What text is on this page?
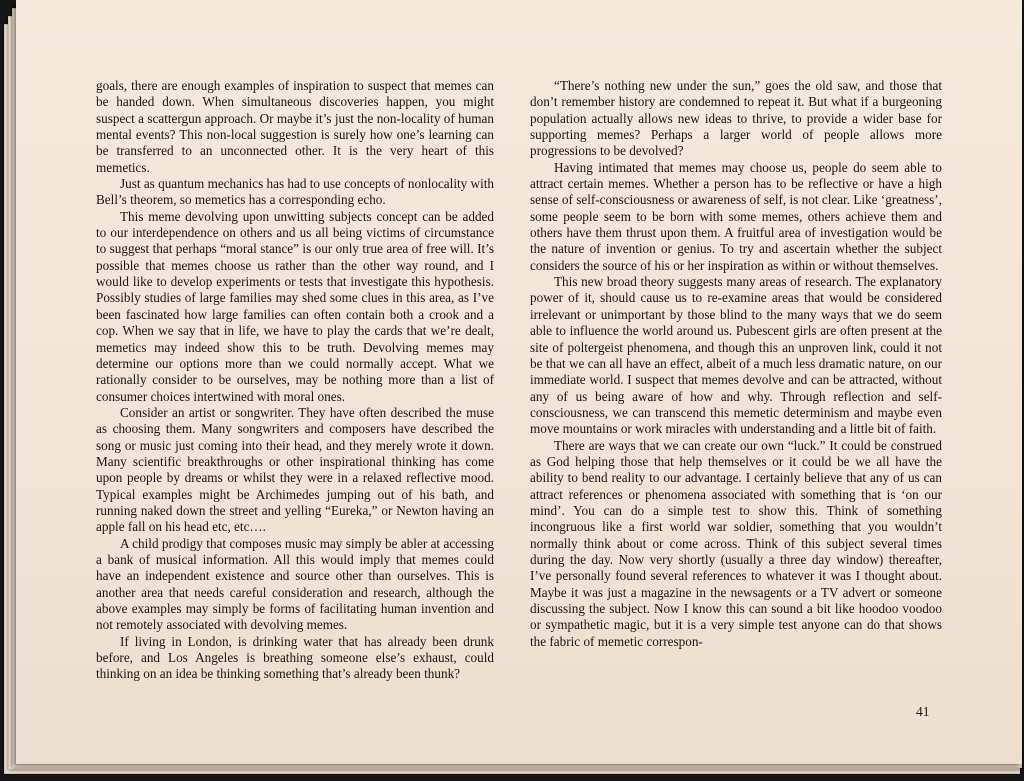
goals, there are enough examples of inspiration to suspect that memes can be handed down. When simultaneous discoveries happen, you might suspect a scattergun approach. Or maybe it’s just the non-locality of human mental events? This non-local suggestion is surely how one’s learning can be transferred to an unconnected other. It is the very heart of this memetics.

Just as quantum mechanics has had to use concepts of nonlocality with Bell’s theorem, so memetics has a corresponding echo.

This meme devolving upon unwitting subjects concept can be added to our interdependence on others and us all being victims of circumstance to suggest that perhaps “moral stance” is our only true area of free will. It’s possible that memes choose us rather than the other way round, and I would like to develop experiments or tests that investigate this hypothesis. Possibly studies of large families may shed some clues in this area, as I’ve been fascinated how large families can often contain both a crook and a cop. When we say that in life, we have to play the cards that we’re dealt, memetics may indeed show this to be truth. Devolving memes may determine our options more than we could normally accept. What we rationally consider to be ourselves, may be nothing more than a list of consumer choices intertwined with moral ones.

Consider an artist or songwriter. They have often described the muse as choosing them. Many songwriters and composers have described the song or music just coming into their head, and they merely wrote it down. Many scientific breakthroughs or other inspirational thinking has come upon people by dreams or whilst they were in a relaxed reflective mood. Typical examples might be Archimedes jumping out of his bath, and running naked down the street and yelling “Eureka,” or Newton having an apple fall on his head etc, etc….

A child prodigy that composes music may simply be abler at accessing a bank of musical information. All this would imply that memes could have an independent existence and source other than ourselves. This is another area that needs careful consideration and research, although the above examples may simply be forms of facilitating human invention and not remotely associated with devolving memes.

If living in London, is drinking water that has already been drunk before, and Los Angeles is breathing someone else’s exhaust, could thinking on an idea be thinking something that’s already been thunk?

“There’s nothing new under the sun,” goes the old saw, and those that don’t remember history are condemned to repeat it. But what if a burgeoning population actually allows new ideas to thrive, to provide a wider base for supporting memes? Perhaps a larger world of people allows more progressions to be devolved?

Having intimated that memes may choose us, people do seem able to attract certain memes. Whether a person has to be reflective or have a high sense of self-consciousness or awareness of self, is not clear. Like ‘greatness’, some people seem to be born with some memes, others achieve them and others have them thrust upon them. A fruitful area of investigation would be the nature of invention or genius. To try and ascertain whether the subject considers the source of his or her inspiration as within or without themselves.

This new broad theory suggests many areas of research. The explanatory power of it, should cause us to re-examine areas that would be considered irrelevant or unimportant by those blind to the many ways that we do seem able to influence the world around us. Pubescent girls are often present at the site of poltergeist phenomena, and though this an unproven link, could it not be that we can all have an effect, albeit of a much less dramatic nature, on our immediate world. I suspect that memes devolve and can be attracted, without any of us being aware of how and why. Through reflection and self-consciousness, we can transcend this memetic determinism and maybe even move mountains or work miracles with understanding and a little bit of faith.

There are ways that we can create our own “luck.” It could be construed as God helping those that help themselves or it could be we all have the ability to bend reality to our advantage. I certainly believe that any of us can attract references or phenomena associated with something that is ‘on our mind’. You can do a simple test to show this. Think of something incongruous like a first world war soldier, something that you wouldn’t normally think about or come across. Think of this subject several times during the day. Now very shortly (usually a three day window) thereafter, I’ve personally found several references to whatever it was I thought about. Maybe it was just a magazine in the newsagents or a TV advert or someone discussing the subject. Now I know this can sound a bit like hoodoo voodoo or sympathetic magic, but it is a very simple test anyone can do that shows the fabric of memetic correspon-

41
